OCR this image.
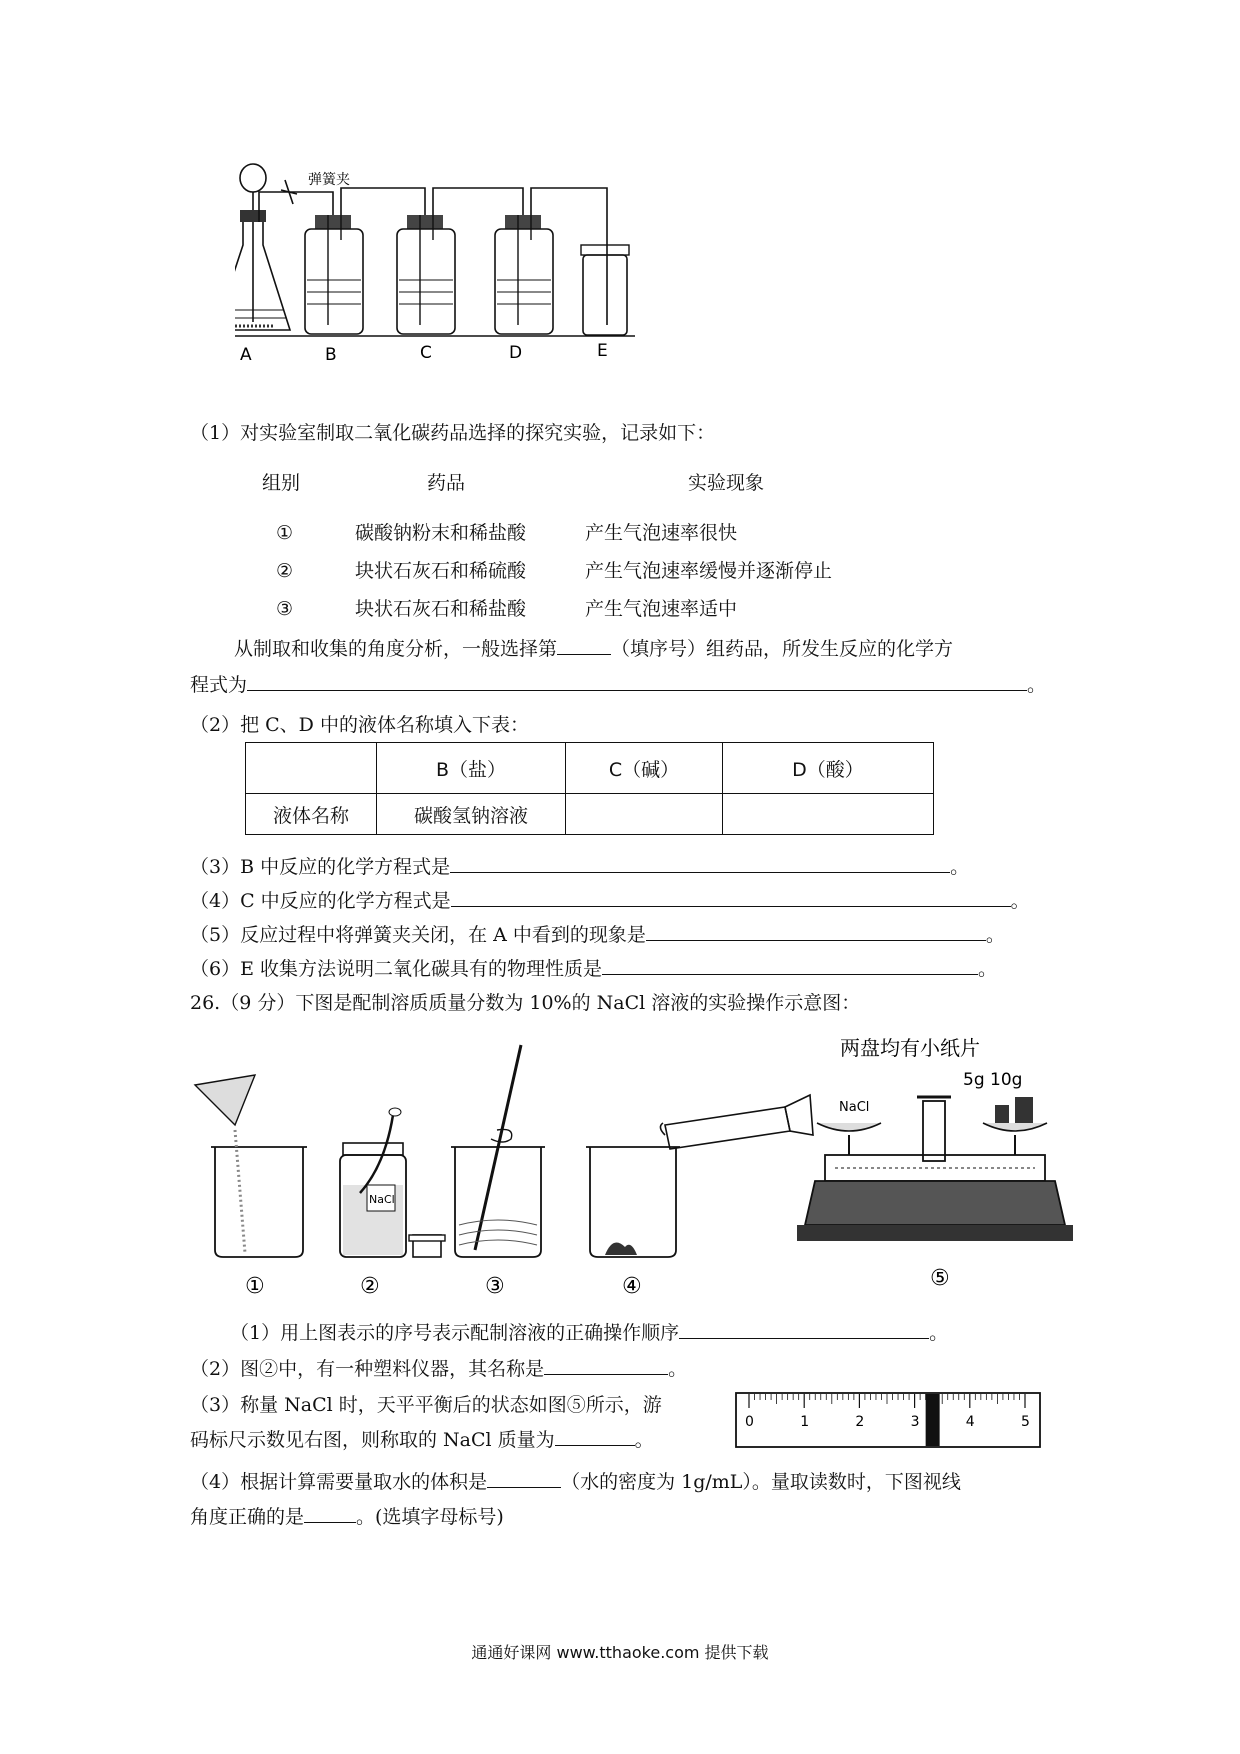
弹簧夹
A	B	C	D	E
（1）对实验室制取二氧化碳药品选择的探究实验，记录如下：
组别	药品	实验现象
①	碳酸钠粉末和稀盐酸	产生气泡速率很快
②	块状石灰石和稀硫酸	产生气泡速率缓慢并逐渐停止
③	块状石灰石和稀盐酸	产生气泡速率适中
从制取和收集的角度分析，一般选择第	（填序号）组药品，所发生反应的化学方
程式为	。
（2）把 C、D 中的液体名称填入下表：
	B（盐）	C（碱）	D（酸）
液体名称	碳酸氢钠溶液		
（3）B 中反应的化学方程式是	。
（4）C 中反应的化学方程式是	。
（5）反应过程中将弹簧夹关闭，在 A 中看到的现象是	。
（6）E 收集方法说明二氧化碳具有的物理性质是	。
26.（9 分）下图是配制溶质质量分数为 10%的 NaCl 溶液的实验操作示意图：
NaCl
两盘均有小纸片
5g 10g
NaCl
①	②	③	④	⑤
（1）用上图表示的序号表示配制溶液的正确操作顺序	。
（2）图②中，有一种塑料仪器，其名称是	。
（3）称量 NaCl 时，天平平衡后的状态如图⑤所示，游
码标尺示数见右图，则称取的 NaCl 质量为	。
0	1	2	3	4	5
（4）根据计算需要量取水的体积是	（水的密度为 1g/mL）。量取读数时，下图视线
角度正确的是	。(选填字母标号)
通通好课网 www.tthaoke.com 提供下载
